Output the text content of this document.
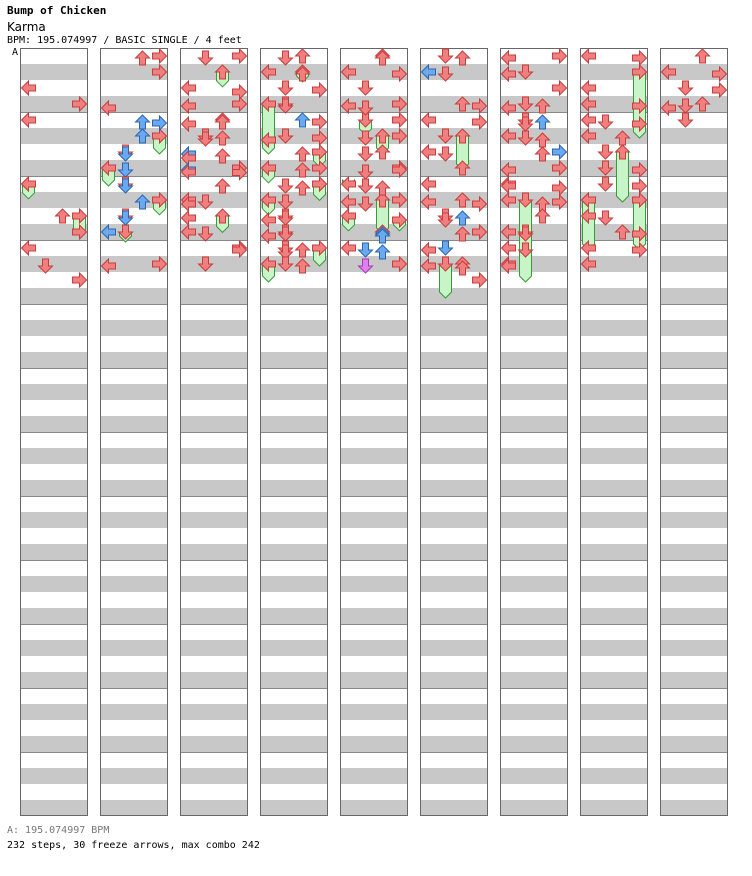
Bump of Chicken
Karma
BPM: 195.074997 / BASIC SINGLE / 4 feet
A
A: 195.074997 BPM
232 steps, 30 freeze arrows, max combo 242
